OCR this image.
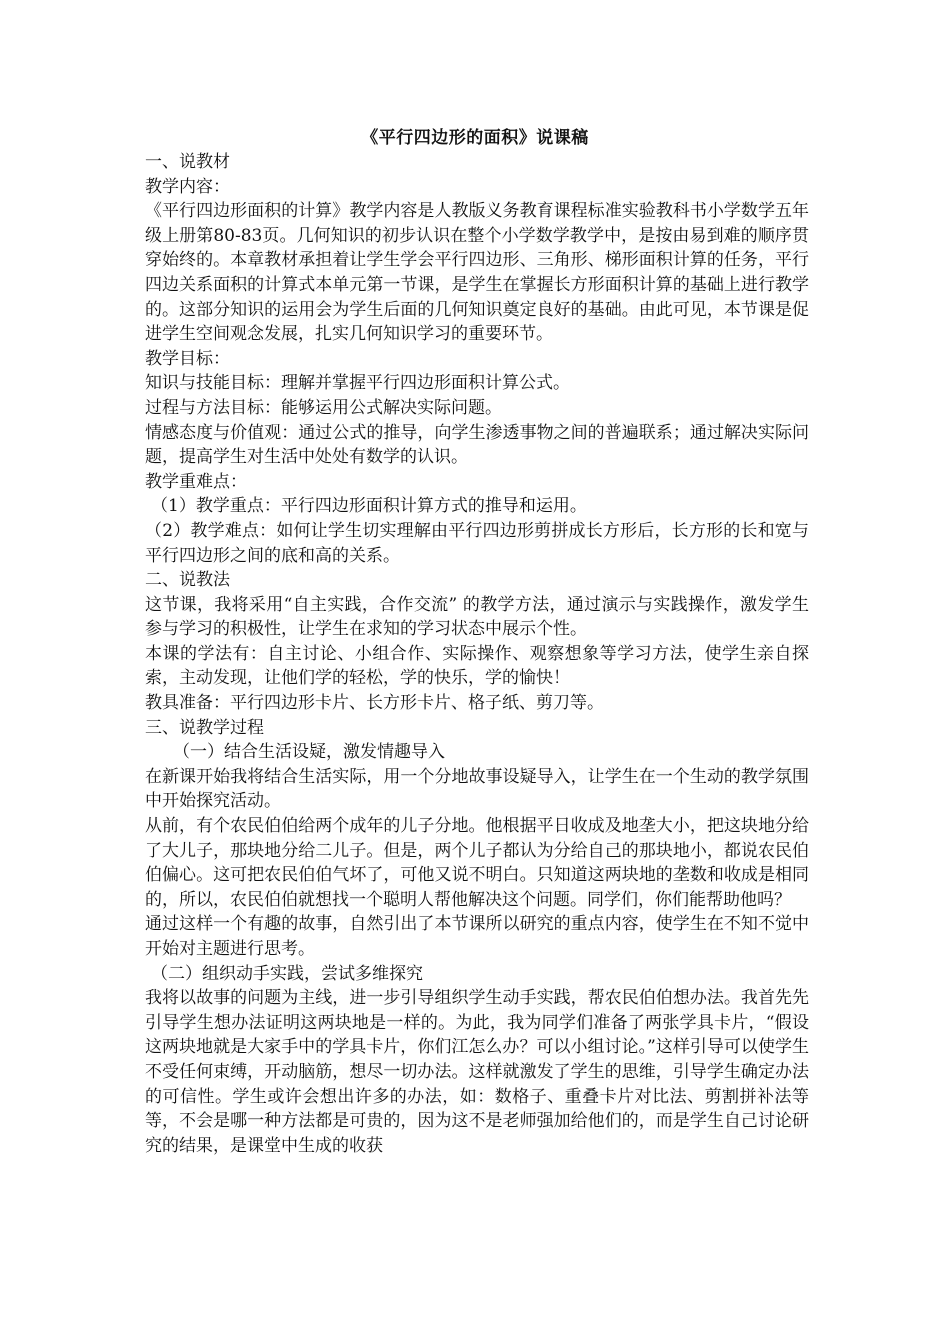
《平行四边形的面积》说课稿

一、说教材

教学内容：

《平行四边形面积的计算》教学内容是人教版义务教育课程标准实验教科书小学数学五年级上册第80-83页。几何知识的初步认识在整个小学数学教学中，是按由易到难的顺序贯穿始终的。本章教材承担着让学生学会平行四边形、三角形、梯形面积计算的任务，平行四边关系面积的计算式本单元第一节课，是学生在掌握长方形面积计算的基础上进行教学的。这部分知识的运用会为学生后面的几何知识奠定良好的基础。由此可见，本节课是促进学生空间观念发展，扎实几何知识学习的重要环节。

教学目标：

知识与技能目标：理解并掌握平行四边形面积计算公式。

过程与方法目标：能够运用公式解决实际问题。

情感态度与价值观：通过公式的推导，向学生渗透事物之间的普遍联系；通过解决实际问题，提高学生对生活中处处有数学的认识。

教学重难点：

（1）教学重点：平行四边形面积计算方式的推导和运用。

（2）教学难点：如何让学生切实理解由平行四边形剪拼成长方形后，长方形的长和宽与平行四边形之间的底和高的关系。

二、说教法

这节课，我将采用“自主实践，合作交流” 的教学方法，通过演示与实践操作，激发学生参与学习的积极性，让学生在求知的学习状态中展示个性。

本课的学法有：自主讨论、小组合作、实际操作、观察想象等学习方法，使学生亲自探索，主动发现，让他们学的轻松，学的快乐，学的愉快！

教具准备：平行四边形卡片、长方形卡片、格子纸、剪刀等。

三、说教学过程

（一）结合生活设疑，激发情趣导入

在新课开始我将结合生活实际，用一个分地故事设疑导入，让学生在一个生动的教学氛围中开始探究活动。

从前，有个农民伯伯给两个成年的儿子分地。他根据平日收成及地垄大小，把这块地分给了大儿子，那块地分给二儿子。但是，两个儿子都认为分给自己的那块地小，都说农民伯伯偏心。这可把农民伯伯气坏了，可他又说不明白。只知道这两块地的垄数和收成是相同的，所以，农民伯伯就想找一个聪明人帮他解决这个问题。同学们，你们能帮助他吗？

通过这样一个有趣的故事，自然引出了本节课所以研究的重点内容，使学生在不知不觉中开始对主题进行思考。

（二）组织动手实践，尝试多维探究

我将以故事的问题为主线，进一步引导组织学生动手实践，帮农民伯伯想办法。我首先先引导学生想办法证明这两块地是一样的。为此，我为同学们准备了两张学具卡片，“假设这两块地就是大家手中的学具卡片，你们江怎么办？可以小组讨论。”这样引导可以使学生不受任何束缚，开动脑筋，想尽一切办法。这样就激发了学生的思维，引导学生确定办法的可信性。学生或许会想出许多的办法，如：数格子、重叠卡片对比法、剪割拼补法等等，不会是哪一种方法都是可贵的，因为这不是老师强加给他们的，而是学生自己讨论研究的结果，是课堂中生成的收获
